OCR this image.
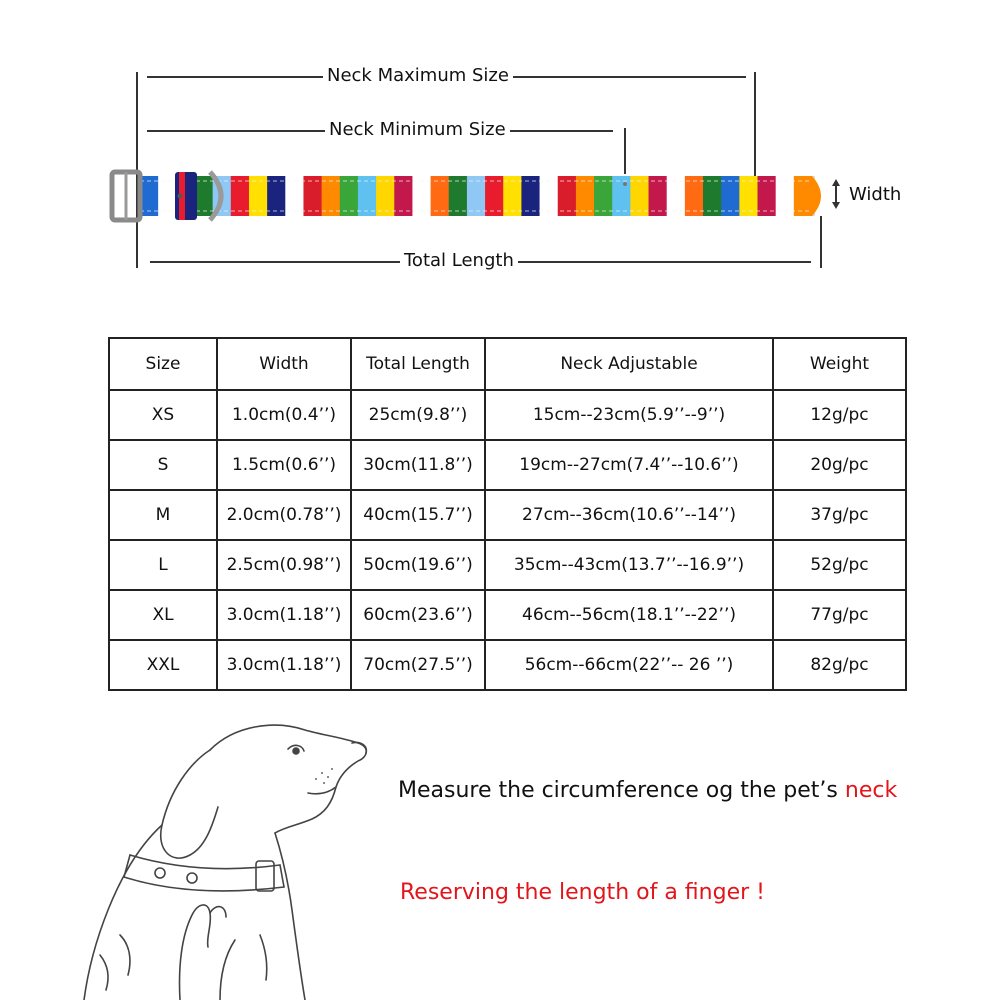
Neck Maximum Size
Neck Minimum Size
Width
Total Length
Size	Width	Total Length	Neck Adjustable	Weight
XS	1.0cm(0.4’’)	25cm(9.8’’)	15cm--23cm(5.9’’--9’’)	12g/pc
S	1.5cm(0.6’’)	30cm(11.8’’)	19cm--27cm(7.4’’--10.6’’)	20g/pc
M	2.0cm(0.78’’)	40cm(15.7’’)	27cm--36cm(10.6’’--14’’)	37g/pc
L	2.5cm(0.98’’)	50cm(19.6’’)	35cm--43cm(13.7’’--16.9’’)	52g/pc
XL	3.0cm(1.18’’)	60cm(23.6’’)	46cm--56cm(18.1’’--22’’)	77g/pc
XXL	3.0cm(1.18’’)	70cm(27.5’’)	56cm--66cm(22’’-- 26 ’’)	82g/pc
Measure the circumference og the pet’s neck
Reserving the length of a finger !
